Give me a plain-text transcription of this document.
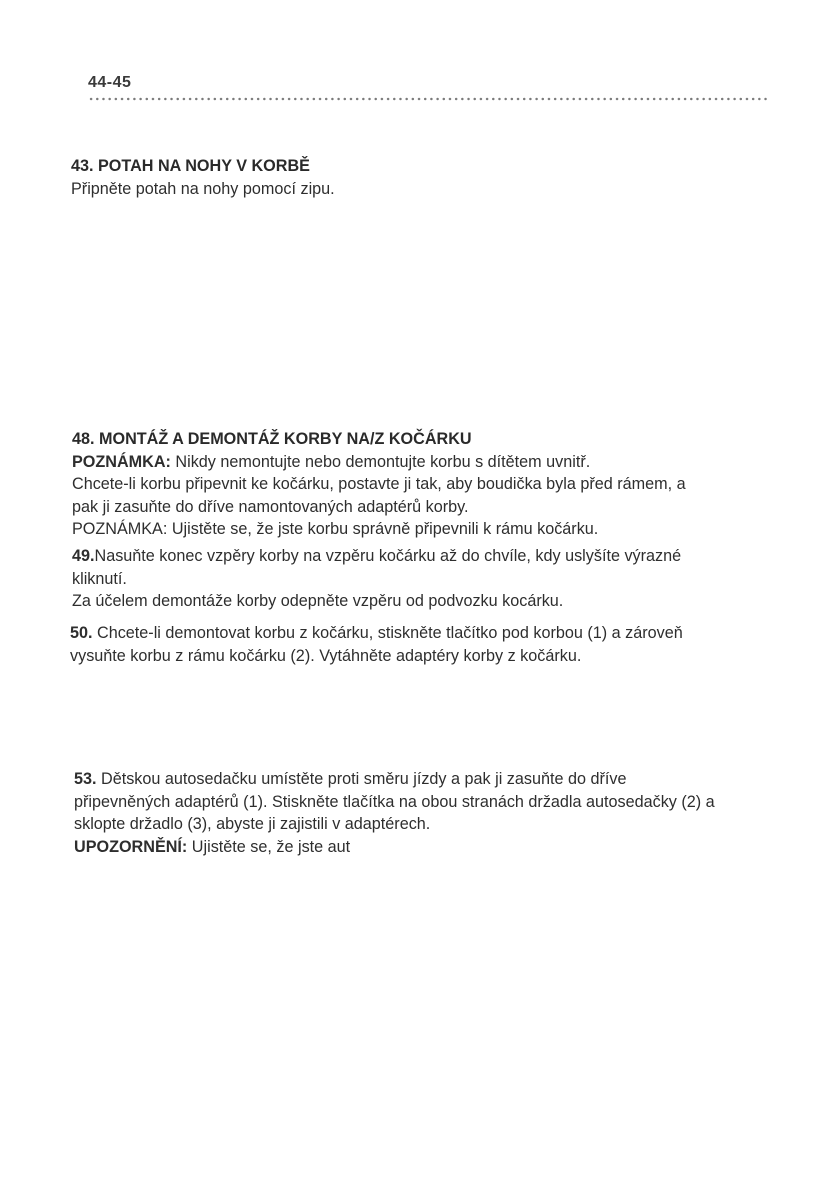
44-45

43. POTAH NA NOHY V KORBĚ

Připněte potah na nohy pomocí zipu.

48. MONTÁŽ A DEMONTÁŽ KORBY NA/Z KOČÁRKU

POZNÁMKA: Nikdy nemontujte nebo demontujte korbu s dítětem uvnitř.

Chcete-li korbu připevnit ke kočárku, postavte ji tak, aby boudička byla před rámem, a

pak ji zasuňte do dříve namontovaných adaptérů korby.

POZNÁMKA: Ujistěte se, že jste korbu správně připevnili k rámu kočárku.

49.Nasuňte konec vzpěry korby na vzpěru kočárku až do chvíle, kdy uslyšíte výrazné

kliknutí.

Za účelem demontáže korby odepněte vzpěru od podvozku kocárku.

50. Chcete-li demontovat korbu z kočárku, stiskněte tlačítko pod korbou (1) a zároveň

vysuňte korbu z rámu kočárku (2). Vytáhněte adaptéry korby z kočárku.

53. Dětskou autosedačku umístěte proti směru jízdy a pak ji zasuňte do dříve

připevněných adaptérů (1). Stiskněte tlačítka na obou stranách držadla autosedačky (2) a

sklopte držadlo (3), abyste ji zajistili v adaptérech.

UPOZORNĚNÍ: Ujistěte se, že jste aut
